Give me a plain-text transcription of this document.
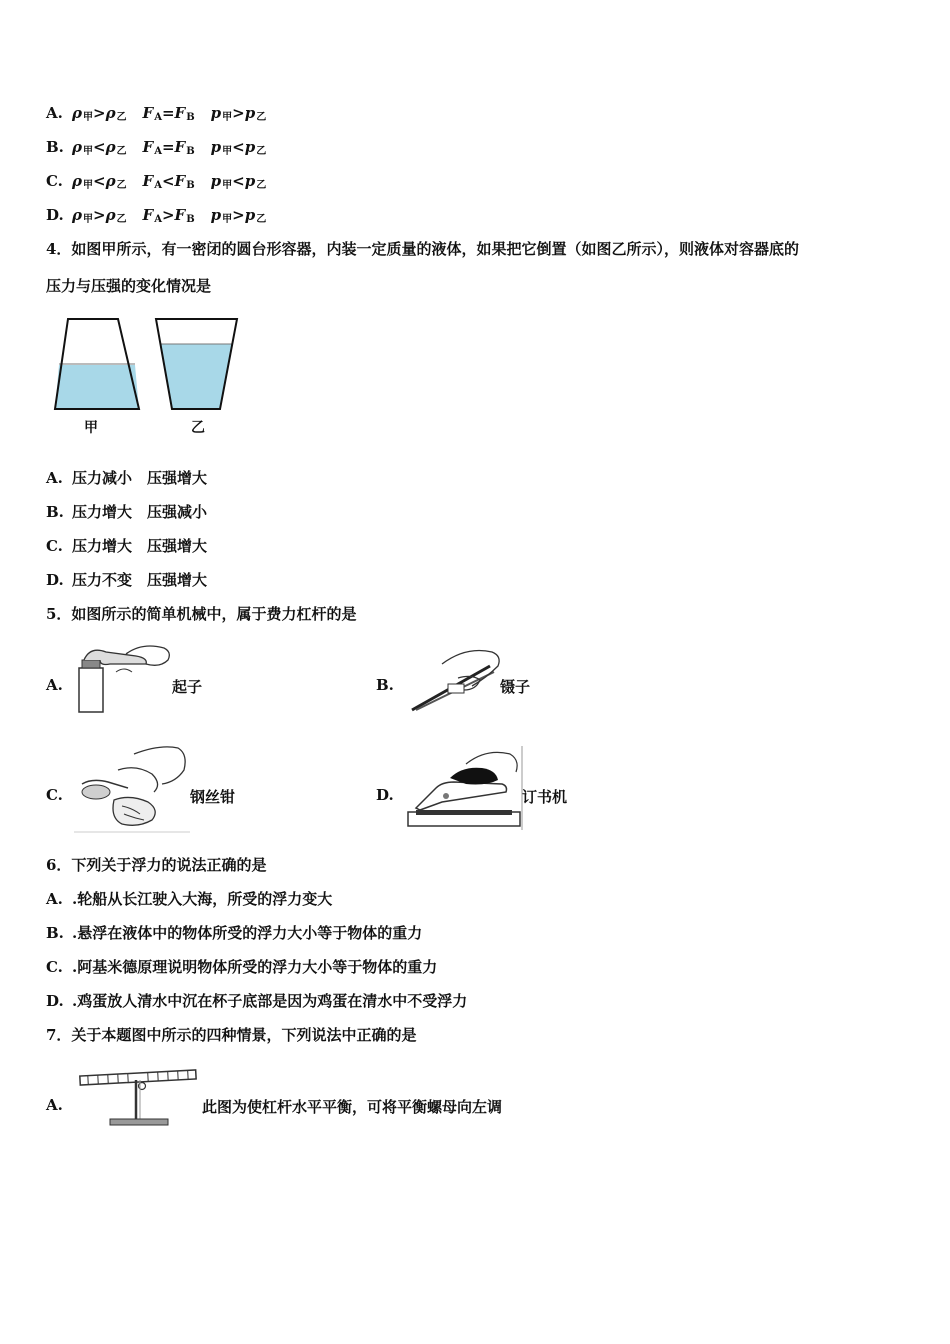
A. $\rho_甲>\rho_乙$ $F_A=F_B$ $p_甲>p_乙$
B. $\rho_甲<\rho_乙$ $F_A=F_B$ $p_甲<p_乙$
C. $\rho_甲<\rho_乙$ $F_A<F_B$ $p_甲<p_乙$
D. $\rho_甲>\rho_乙$ $F_A>F_B$ $p_甲>p_乙$
4．如图甲所示，有一密闭的圆台形容器，内装一定质量的液体，如果把它倒置（如图乙所示），则液体对容器底的
压力与压强的变化情况是
甲	乙
A. 压力减小　压强增大
B. 压力增大　压强减小
C. 压力增大　压强增大
D. 压力不变　压强增大
5．如图所示的简单机械中，属于费力杠杆的是
A.	起子	B.	镊子
C.	钢丝钳	D.	订书机
6．下列关于浮力的说法正确的是
A. .轮船从长江驶入大海，所受的浮力变大
B. .悬浮在液体中的物体所受的浮力大小等于物体的重力
C. .阿基米德原理说明物体所受的浮力大小等于物体的重力
D. .鸡蛋放人清水中沉在杯子底部是因为鸡蛋在清水中不受浮力
7．关于本题图中所示的四种情景，下列说法中正确的是
A.	此图为使杠杆水平平衡，可将平衡螺母向左调
